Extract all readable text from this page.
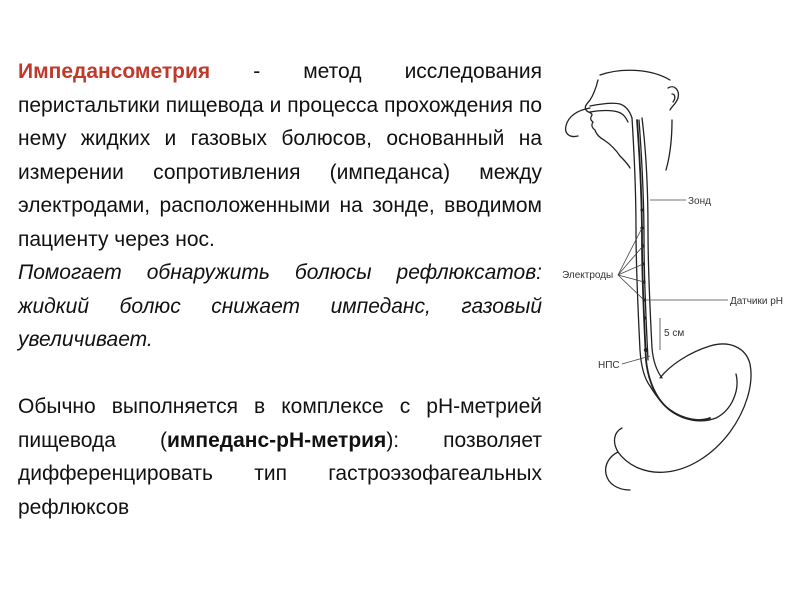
Импедансометрия - метод исследования перистальтики пищевода и процесса прохождения по нему жидких и газовых болюсов, основанный на измерении сопротивления (импеданса) между электродами, расположенными на зонде, вводимом пациенту через нос.

Помогает обнаружить болюсы рефлюксатов: жидкий болюс снижает импеданс, газовый увеличивает.

Обычно выполняется в комплексе с pH-метрией пищевода (импеданс-pH-метрия): позволяет дифференцировать тип гастроэзофагеальных рефлюксов

Зонд
Электроды
Датчики pH
5 см
НПС
